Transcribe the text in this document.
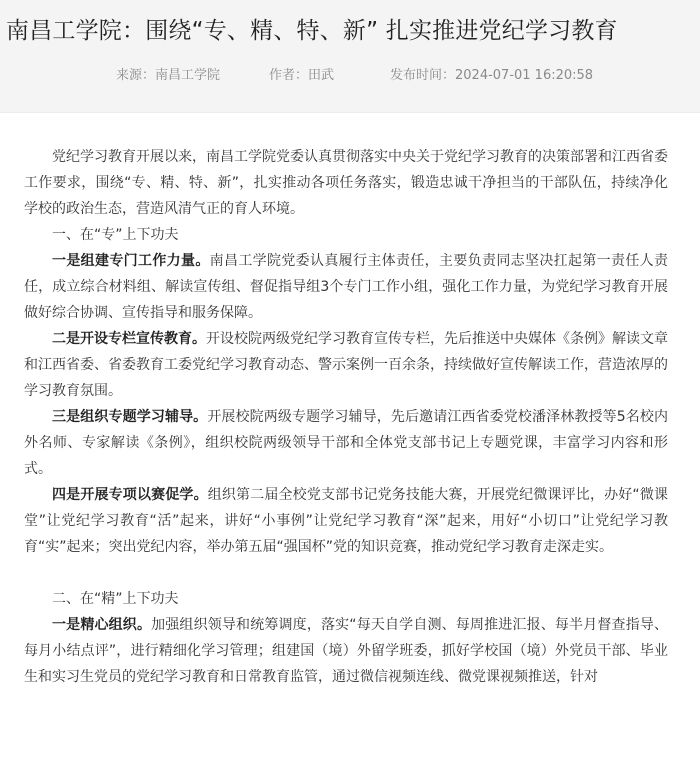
南昌工学院：围绕“专、精、特、新” 扎实推进党纪学习教育
来源：南昌工学院	作者：田武	发布时间：2024-07-01 16:20:58

党纪学习教育开展以来，南昌工学院党委认真贯彻落实中央关于党纪学习教育的决策部署和江西省委工作要求，围绕“专、精、特、新”，扎实推动各项任务落实，锻造忠诚干净担当的干部队伍，持续净化学校的政治生态，营造风清气正的育人环境。

一、在“专”上下功夫

一是组建专门工作力量。南昌工学院党委认真履行主体责任，主要负责同志坚决扛起第一责任人责任，成立综合材料组、解读宣传组、督促指导组3个专门工作小组，强化工作力量，为党纪学习教育开展做好综合协调、宣传指导和服务保障。

二是开设专栏宣传教育。开设校院两级党纪学习教育宣传专栏，先后推送中央媒体《条例》解读文章和江西省委、省委教育工委党纪学习教育动态、警示案例一百余条，持续做好宣传解读工作，营造浓厚的学习教育氛围。

三是组织专题学习辅导。开展校院两级专题学习辅导，先后邀请江西省委党校潘泽林教授等5名校内外名师、专家解读《条例》，组织校院两级领导干部和全体党支部书记上专题党课，丰富学习内容和形式。

四是开展专项以赛促学。组织第二届全校党支部书记党务技能大赛，开展党纪微课评比，办好“微课堂”让党纪学习教育“活”起来，讲好“小事例”让党纪学习教育“深”起来，用好“小切口”让党纪学习教育“实”起来；突出党纪内容，举办第五届“强国杯”党的知识竞赛，推动党纪学习教育走深走实。

二、在“精”上下功夫

一是精心组织。加强组织领导和统筹调度，落实“每天自学自测、每周推进汇报、每半月督查指导、每月小结点评”，进行精细化学习管理；组建国（境）外留学班委，抓好学校国（境）外党员干部、毕业生和实习生党员的党纪学习教育和日常教育监管，通过微信视频连线、微党课视频推送，针对
